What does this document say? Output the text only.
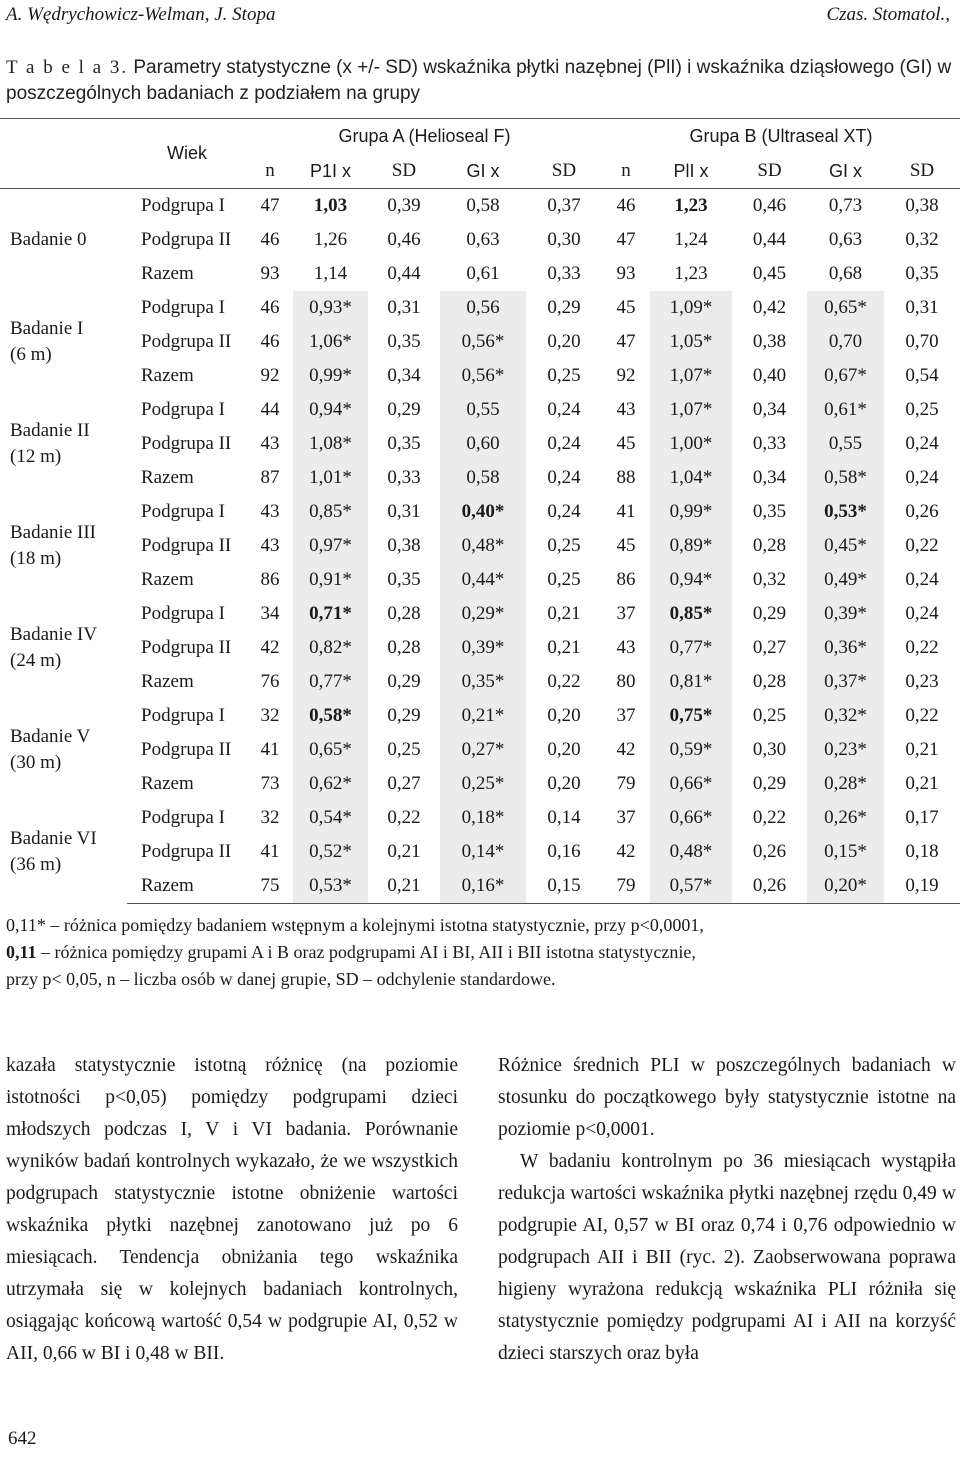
A. Wędrychowicz-Welman, J. Stopa	Czas. Stomatol.,
T a b e l a 3. Parametry statystyczne (x +/- SD) wskaźnika płytki nazębnej (PlI) i wskaźnika dziąsłowego (GI) w poszczególnych badaniach z podziałem na grupy
	Wiek	Grupa A (Helioseal F)					Grupa B (Ultraseal XT)				
		n	P1I x	SD	GI x	SD	n	PlI x	SD	GI x	SD

Badanie 0	Podgrupa I	47	1,03	0,39	0,58	0,37	46	1,23	0,46	0,73	0,38
	Podgrupa II	46	1,26	0,46	0,63	0,30	47	1,24	0,44	0,63	0,32
	Razem	93	1,14	0,44	0,61	0,33	93	1,23	0,45	0,68	0,35

Badanie I
(6 m)	Podgrupa I	46	0,93*	0,31	0,56	0,29	45	1,09*	0,42	0,65*	0,31
	Podgrupa II	46	1,06*	0,35	0,56*	0,20	47	1,05*	0,38	0,70	0,70
	Razem	92	0,99*	0,34	0,56*	0,25	92	1,07*	0,40	0,67*	0,54

Badanie II
(12 m)	Podgrupa I	44	0,94*	0,29	0,55	0,24	43	1,07*	0,34	0,61*	0,25
	Podgrupa II	43	1,08*	0,35	0,60	0,24	45	1,00*	0,33	0,55	0,24
	Razem	87	1,01*	0,33	0,58	0,24	88	1,04*	0,34	0,58*	0,24

Badanie III
(18 m)	Podgrupa I	43	0,85*	0,31	0,40*	0,24	41	0,99*	0,35	0,53*	0,26
	Podgrupa II	43	0,97*	0,38	0,48*	0,25	45	0,89*	0,28	0,45*	0,22
	Razem	86	0,91*	0,35	0,44*	0,25	86	0,94*	0,32	0,49*	0,24

Badanie IV
(24 m)	Podgrupa I	34	0,71*	0,28	0,29*	0,21	37	0,85*	0,29	0,39*	0,24
	Podgrupa II	42	0,82*	0,28	0,39*	0,21	43	0,77*	0,27	0,36*	0,22
	Razem	76	0,77*	0,29	0,35*	0,22	80	0,81*	0,28	0,37*	0,23

Badanie V
(30 m)	Podgrupa I	32	0,58*	0,29	0,21*	0,20	37	0,75*	0,25	0,32*	0,22
	Podgrupa II	41	0,65*	0,25	0,27*	0,20	42	0,59*	0,30	0,23*	0,21
	Razem	73	0,62*	0,27	0,25*	0,20	79	0,66*	0,29	0,28*	0,21

Badanie VI
(36 m)	Podgrupa I	32	0,54*	0,22	0,18*	0,14	37	0,66*	0,22	0,26*	0,17
	Podgrupa II	41	0,52*	0,21	0,14*	0,16	42	0,48*	0,26	0,15*	0,18
	Razem	75	0,53*	0,21	0,16*	0,15	79	0,57*	0,26	0,20*	0,19
0,11* – różnica pomiędzy badaniem wstępnym a kolejnymi istotna statystycznie, przy p<0,0001,
0,11 – różnica pomiędzy grupami A i B oraz podgrupami AI i BI, AII i BII istotna statystycznie,
przy p< 0,05, n – liczba osób w danej grupie, SD – odchylenie standardowe.

kazała statystycznie istotną różnicę (na poziomie istotności p<0,05) pomiędzy podgrupami dzieci młodszych podczas I, V i VI badania. Porównanie wyników badań kontrolnych wykazało, że we wszystkich podgrupach statystycznie istotne obniżenie wartości wskaźnika płytki nazębnej zanotowano już po 6 miesiącach. Tendencja obniżania tego wskaźnika utrzymała się w kolejnych badaniach kontrolnych, osiągając końcową wartość 0,54 w podgrupie AI, 0,52 w AII, 0,66 w BI i 0,48 w BII.

Różnice średnich PLI w poszczególnych badaniach w stosunku do początkowego były statystycznie istotne na poziomie p<0,0001.

W badaniu kontrolnym po 36 miesiącach wystąpiła redukcja wartości wskaźnika płytki nazębnej rzędu 0,49 w podgrupie AI, 0,57 w BI oraz 0,74 i 0,76 odpowiednio w podgrupach AII i BII (ryc. 2). Zaobserwowana poprawa higieny wyrażona redukcją wskaźnika PLI różniła się statystycznie pomiędzy podgrupami AI i AII na korzyść dzieci starszych oraz była

642
